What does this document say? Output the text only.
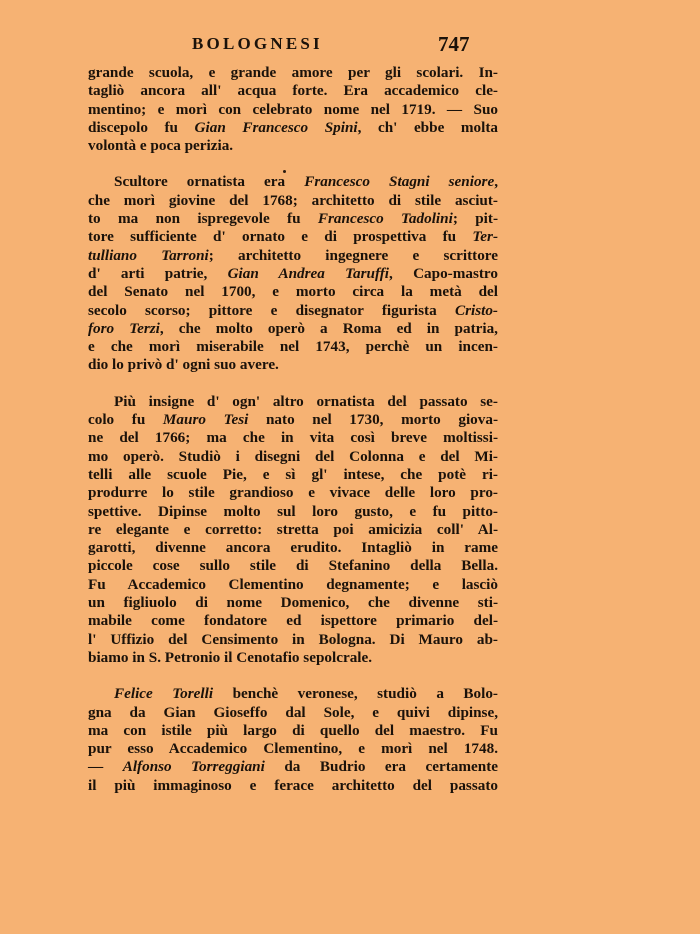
BOLOGNESI	747
grande scuola, e grande amore per gli scolari. In-
tagliò ancora all' acqua forte. Era accademico cle-
mentino; e morì con celebrato nome nel 1719. — Suo
discepolo fu Gian Francesco Spini, ch' ebbe molta
volontà e poca perizia.
Scultore ornatista era Francesco Stagni seniore,
che morì giovine del 1768; architetto di stile asciut-
to ma non ispregevole fu Francesco Tadolini; pit-
tore sufficiente d' ornato e di prospettiva fu Ter-
tulliano Tarroni; architetto ingegnere e scrittore
d' arti patrie, Gian Andrea Taruffi, Capo-mastro
del Senato nel 1700, e morto circa la metà del
secolo scorso; pittore e disegnator figurista Cristo-
foro Terzi, che molto operò a Roma ed in patria,
e che morì miserabile nel 1743, perchè un incen-
dio lo privò d' ogni suo avere.
Più insigne d' ogn' altro ornatista del passato se-
colo fu Mauro Tesi nato nel 1730, morto giova-
ne del 1766; ma che in vita così breve moltissi-
mo operò. Studiò i disegni del Colonna e del Mi-
telli alle scuole Pie, e sì gl' intese, che potè ri-
produrre lo stile grandioso e vivace delle loro pro-
spettive. Dipinse molto sul loro gusto, e fu pitto-
re elegante e corretto: stretta poi amicizia coll' Al-
garotti, divenne ancora erudito. Intagliò in rame
piccole cose sullo stile di Stefanino della Bella.
Fu Accademico Clementino degnamente; e lasciò
un figliuolo di nome Domenico, che divenne sti-
mabile come fondatore ed ispettore primario del-
l' Uffizio del Censimento in Bologna. Di Mauro ab-
biamo in S. Petronio il Cenotafio sepolcrale.
Felice Torelli benchè veronese, studiò a Bolo-
gna da Gian Gioseffo dal Sole, e quivi dipinse,
ma con istile più largo di quello del maestro. Fu
pur esso Accademico Clementino, e morì nel 1748.
— Alfonso Torreggiani da Budrio era certamente
il più immaginoso e ferace architetto del passato
